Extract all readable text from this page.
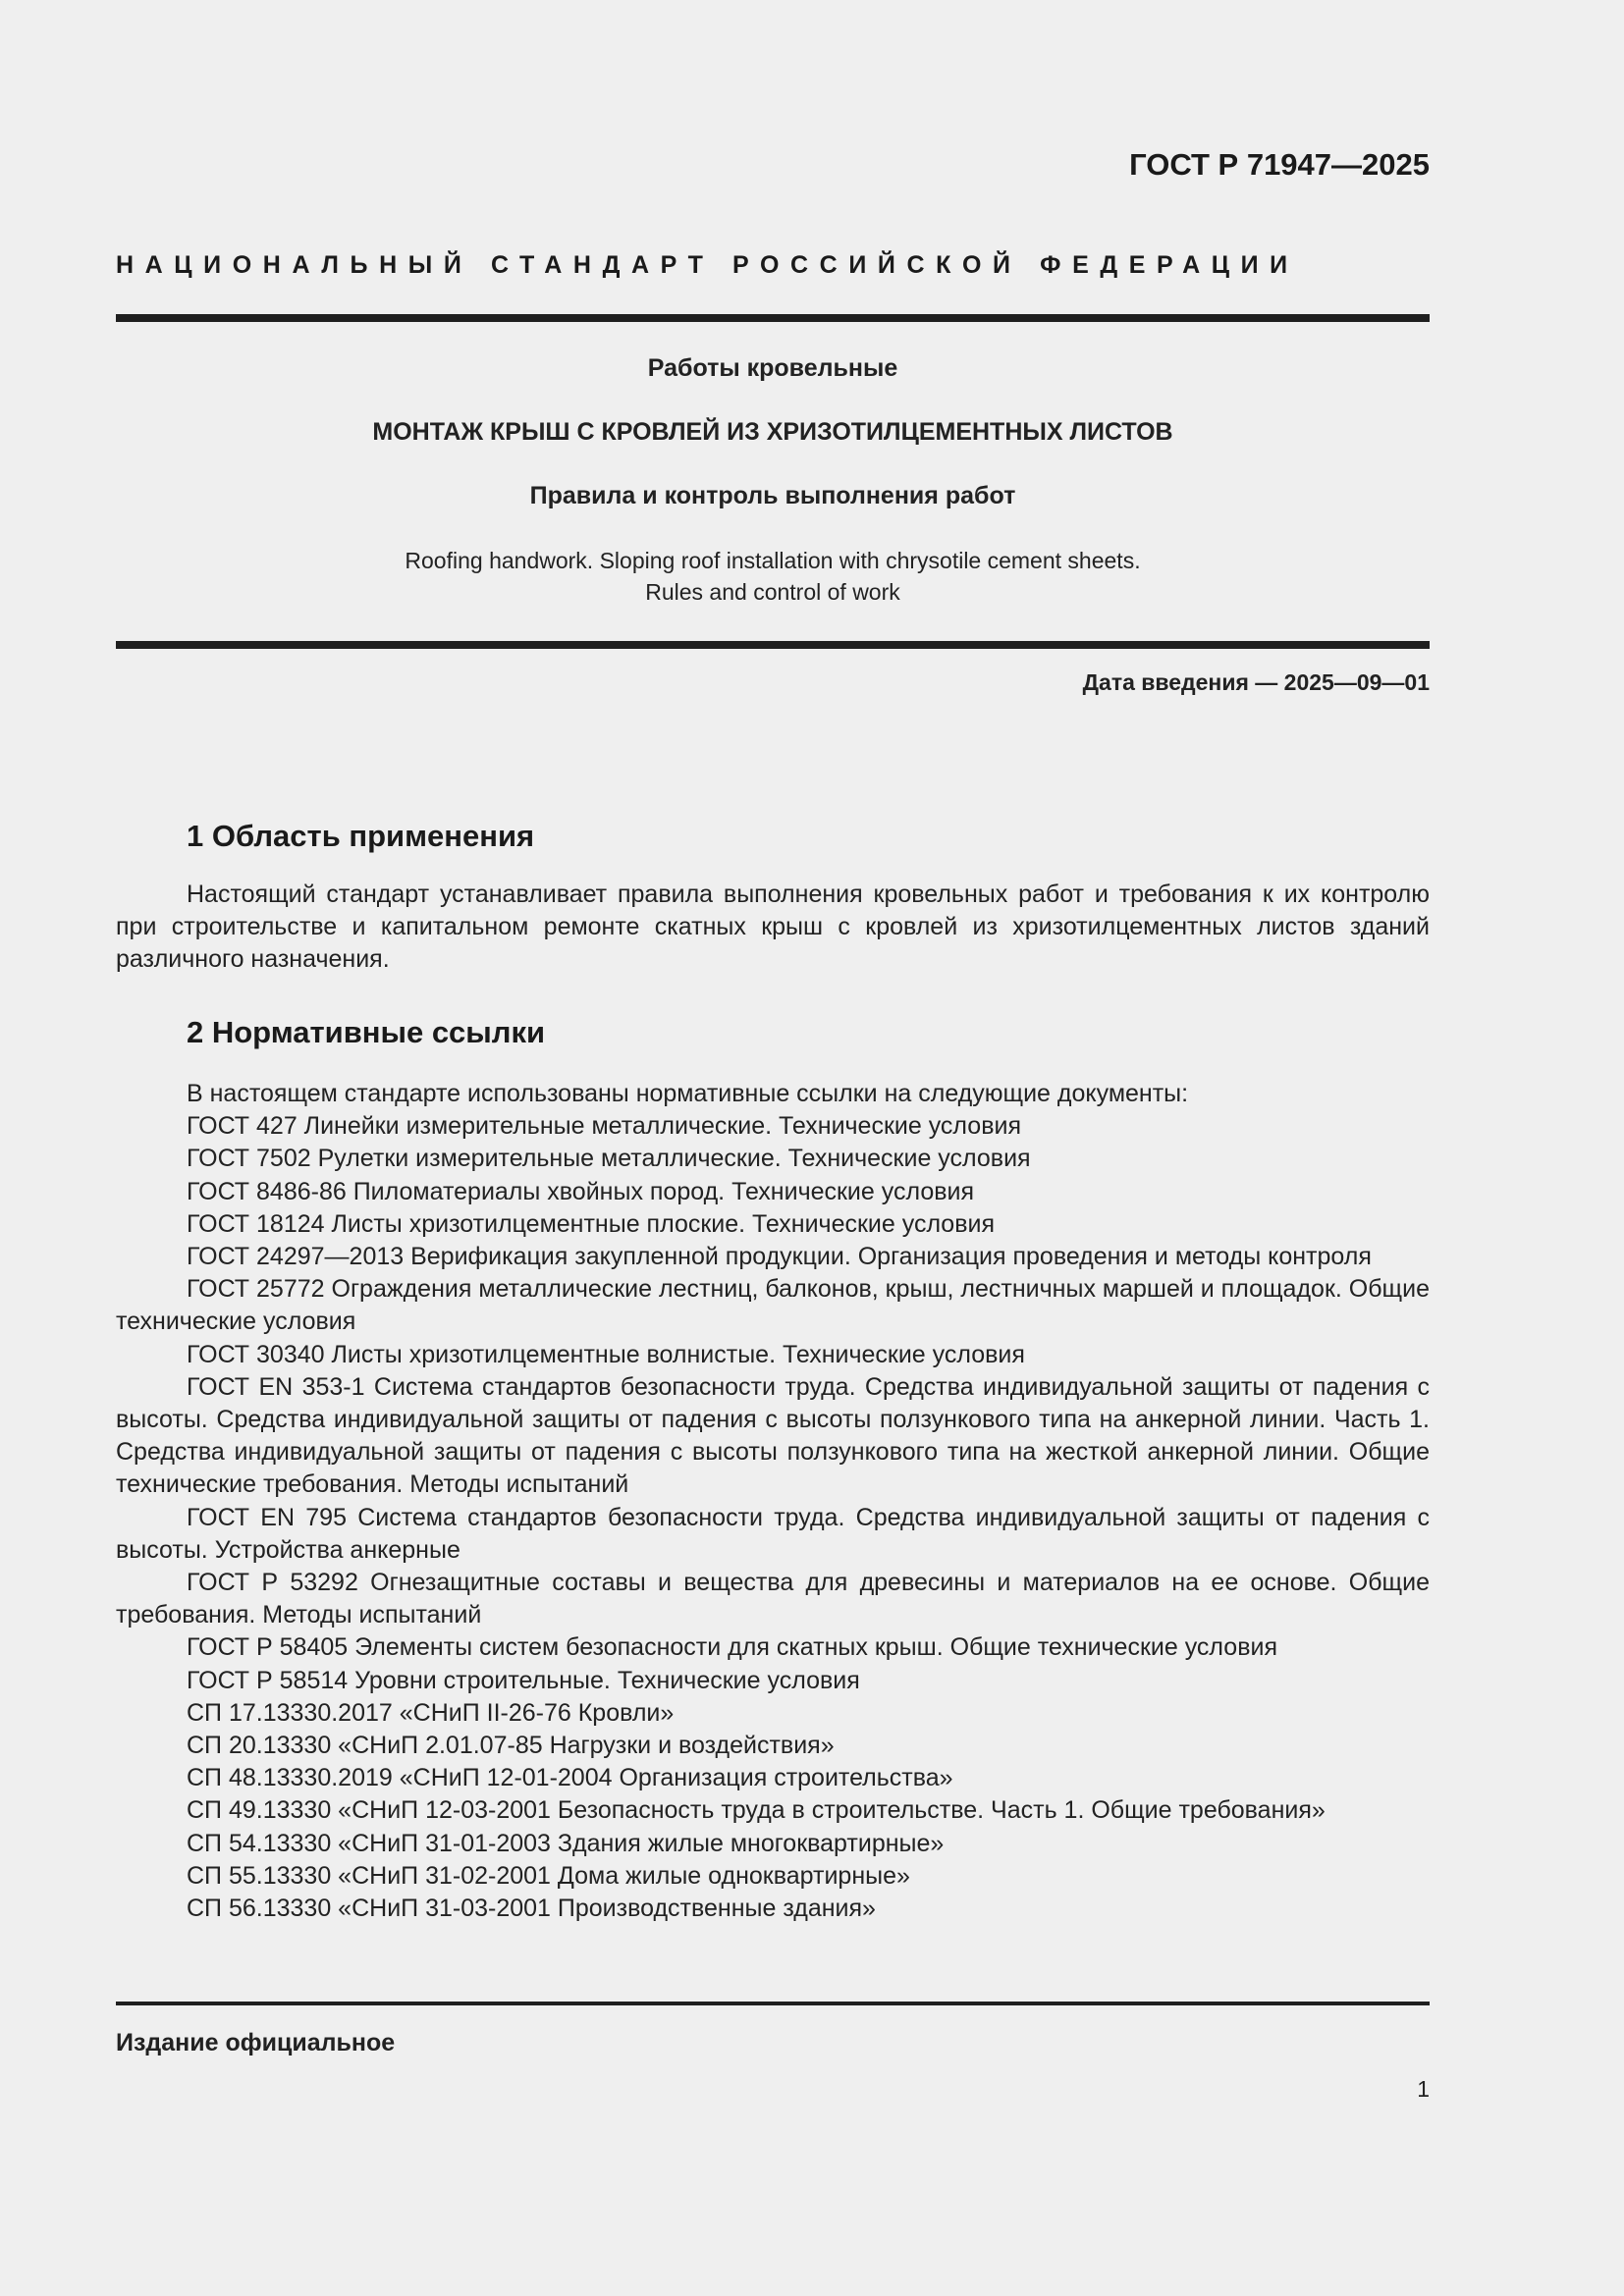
ГОСТ Р 71947—2025

НАЦИОНАЛЬНЫЙ СТАНДАРТ РОССИЙСКОЙ ФЕДЕРАЦИИ

Работы кровельные

МОНТАЖ КРЫШ С КРОВЛЕЙ ИЗ ХРИЗОТИЛЦЕМЕНТНЫХ ЛИСТОВ

Правила и контроль выполнения работ

Roofing handwork. Sloping roof installation with chrysotile cement sheets.
Rules and control of work

Дата введения — 2025—09—01

1 Область применения

Настоящий стандарт устанавливает правила выполнения кровельных работ и требования к их контролю при строительстве и капитальном ремонте скатных крыш с кровлей из хризотилцементных листов зданий различного назначения.

2 Нормативные ссылки

В настоящем стандарте использованы нормативные ссылки на следующие документы:

ГОСТ 427 Линейки измерительные металлические. Технические условия

ГОСТ 7502 Рулетки измерительные металлические. Технические условия

ГОСТ 8486-86 Пиломатериалы хвойных пород. Технические условия

ГОСТ 18124 Листы хризотилцементные плоские. Технические условия

ГОСТ 24297—2013 Верификация закупленной продукции. Организация проведения и методы контроля

ГОСТ 25772 Ограждения металлические лестниц, балконов, крыш, лестничных маршей и площадок. Общие технические условия

ГОСТ 30340 Листы хризотилцементные волнистые. Технические условия

ГОСТ EN 353-1 Система стандартов безопасности труда. Средства индивидуальной защиты от падения с высоты. Средства индивидуальной защиты от падения с высоты ползункового типа на анкерной линии. Часть 1. Средства индивидуальной защиты от падения с высоты ползункового типа на жесткой анкерной линии. Общие технические требования. Методы испытаний

ГОСТ EN 795 Система стандартов безопасности труда. Средства индивидуальной защиты от падения с высоты. Устройства анкерные

ГОСТ Р 53292 Огнезащитные составы и вещества для древесины и материалов на ее основе. Общие требования. Методы испытаний

ГОСТ Р 58405 Элементы систем безопасности для скатных крыш. Общие технические условия

ГОСТ Р 58514 Уровни строительные. Технические условия

СП 17.13330.2017 «СНиП II-26-76 Кровли»

СП 20.13330 «СНиП 2.01.07-85 Нагрузки и воздействия»

СП 48.13330.2019 «СНиП 12-01-2004 Организация строительства»

СП 49.13330 «СНиП 12-03-2001 Безопасность труда в строительстве. Часть 1. Общие требования»

СП 54.13330 «СНиП 31-01-2003 Здания жилые многоквартирные»

СП 55.13330 «СНиП 31-02-2001 Дома жилые одноквартирные»

СП 56.13330 «СНиП 31-03-2001 Производственные здания»

Издание официальное

1
